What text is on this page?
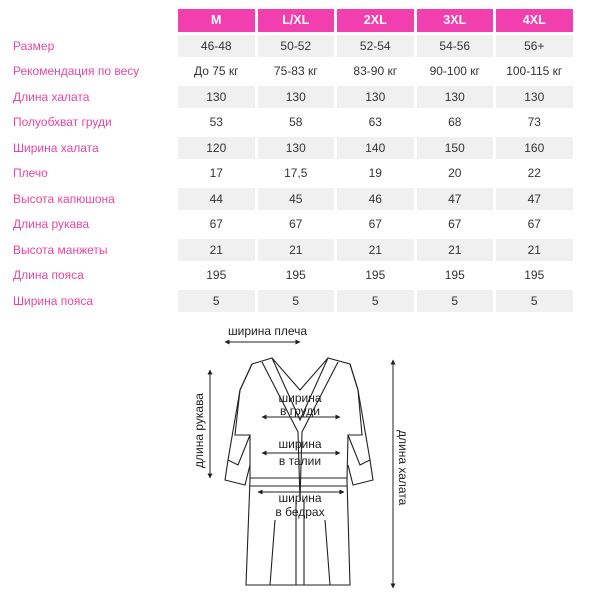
	M	L/XL	2XL	3XL	4XL
Размер	46-48	50-52	52-54	54-56	56+
Рекомендация по весу	До 75 кг	75-83 кг	83-90 кг	90-100 кг	100-115 кг
Длина халата	130	130	130	130	130
Полуобхват груди	53	58	63	68	73
Ширина халата	120	130	140	150	160
Плечо	17	17,5	19	20	22
Высота капюшона	44	45	46	47	47
Длина рукава	67	67	67	67	67
Высота манжеты	21	21	21	21	21
Длина пояса	195	195	195	195	195
Ширина пояса	5	5	5	5	5
ширина плеча
длина рукава	длина халата
ширина
в груди
ширина
в талии
ширина
в бедрах
